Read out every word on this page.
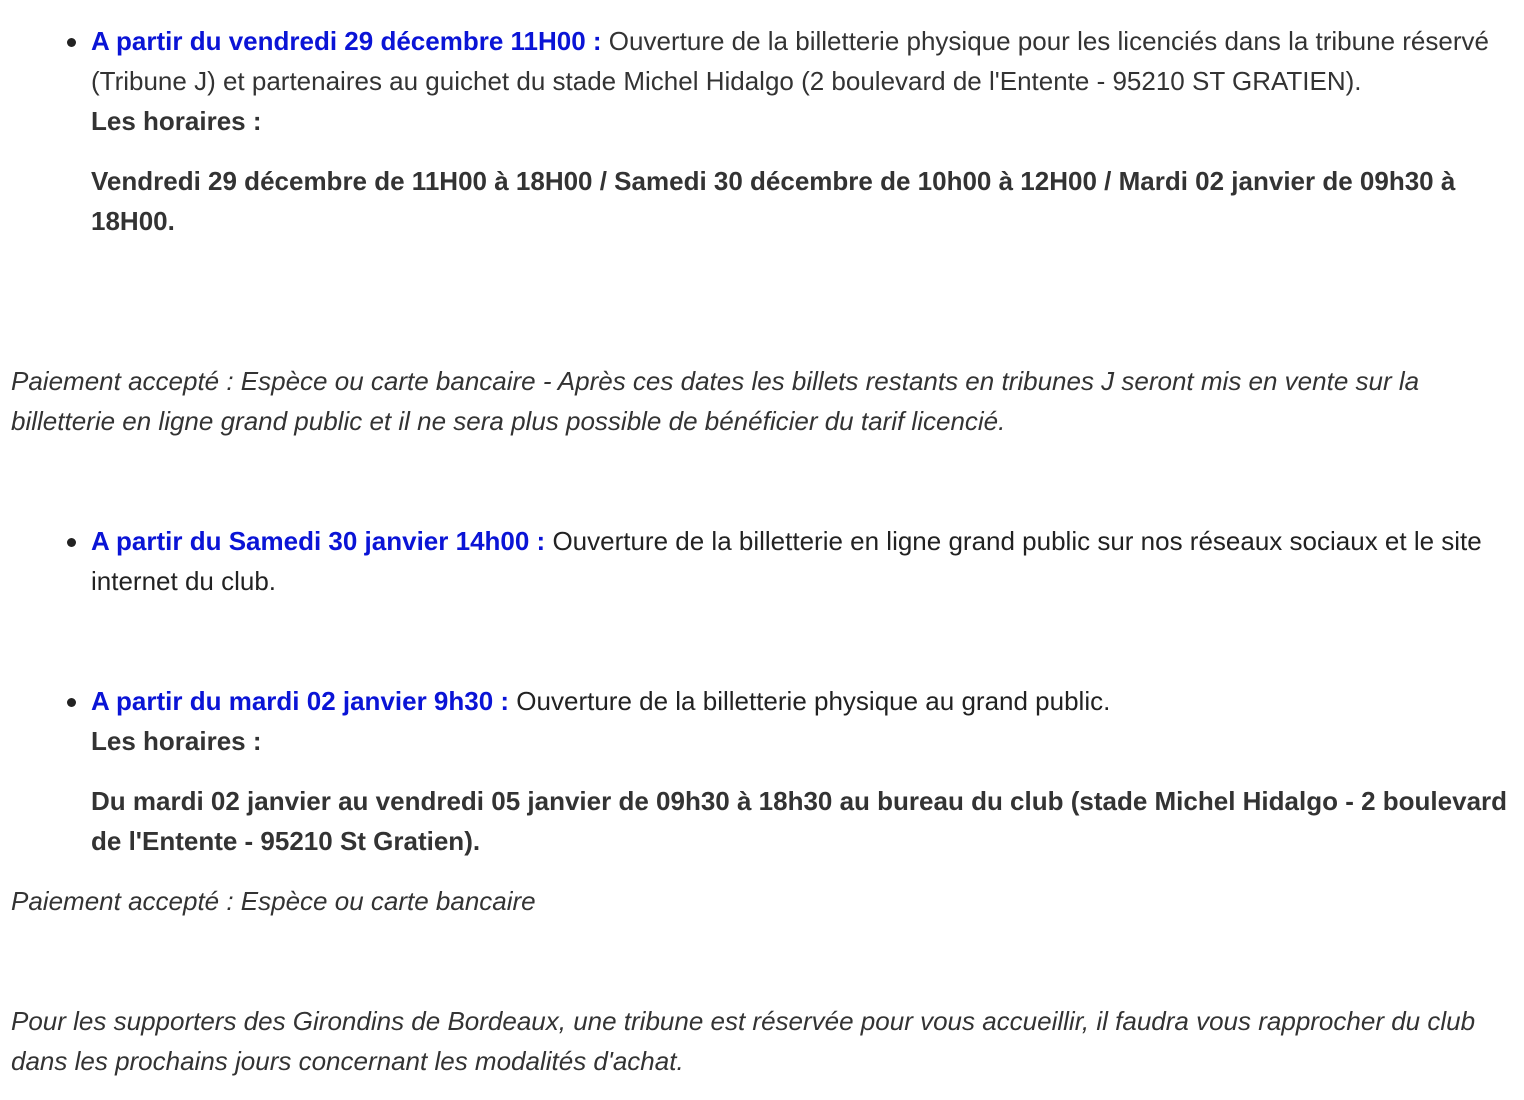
A partir du vendredi 29 décembre 11H00 : Ouverture de la billetterie physique pour les licenciés dans la tribune réservé (Tribune J) et partenaires au guichet du stade Michel Hidalgo (2 boulevard de l'Entente - 95210 ST GRATIEN).
Les horaires :
Vendredi 29 décembre de 11H00 à 18H00 / Samedi 30 décembre de 10h00 à 12H00 / Mardi 02 janvier de 09h30 à 18H00.

Paiement accepté : Espèce ou carte bancaire - Après ces dates les billets restants en tribunes J seront mis en vente sur la billetterie en ligne grand public et il ne sera plus possible de bénéficier du tarif licencié.

A partir du Samedi 30 janvier 14h00 : Ouverture de la billetterie en ligne grand public sur nos réseaux sociaux et le site internet du club.
A partir du mardi 02 janvier 9h30 : Ouverture de la billetterie physique au grand public.
Les horaires :
Du mardi 02 janvier au vendredi 05 janvier de 09h30 à 18h30 au bureau du club (stade Michel Hidalgo - 2 boulevard de l'Entente - 95210 St Gratien).

Paiement accepté : Espèce ou carte bancaire

Pour les supporters des Girondins de Bordeaux, une tribune est réservée pour vous accueillir, il faudra vous rapprocher du club dans les prochains jours concernant les modalités d'achat.
